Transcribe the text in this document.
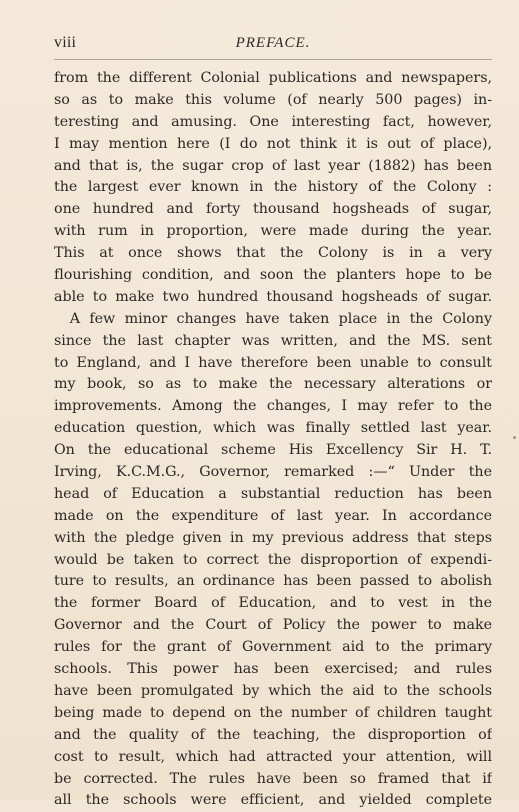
viii	PREFACE.
from the different Colonial publications and newspapers,
so as to make this volume (of nearly 500 pages) in-
teresting and amusing. One interesting fact, however,
I may mention here (I do not think it is out of place),
and that is, the sugar crop of last year (1882) has been
the largest ever known in the history of the Colony :
one hundred and forty thousand hogsheads of sugar,
with rum in proportion, were made during the year.
This at once shows that the Colony is in a very
flourishing condition, and soon the planters hope to be
able to make two hundred thousand hogsheads of sugar.
A few minor changes have taken place in the Colony
since the last chapter was written, and the MS. sent
to England, and I have therefore been unable to consult
my book, so as to make the necessary alterations or
improvements. Among the changes, I may refer to the
education question, which was finally settled last year.
On the educational scheme His Excellency Sir H. T.
Irving, K.C.M.G., Governor, remarked :—“ Under the
head of Education a substantial reduction has been
made on the expenditure of last year. In accordance
with the pledge given in my previous address that steps
would be taken to correct the disproportion of expendi-
ture to results, an ordinance has been passed to abolish
the former Board of Education, and to vest in the
Governor and the Court of Policy the power to make
rules for the grant of Government aid to the primary
schools. This power has been exercised; and rules
have been promulgated by which the aid to the schools
being made to depend on the number of children taught
and the quality of the teaching, the disproportion of
cost to result, which had attracted your attention, will
be corrected. The rules have been so framed that if
all the schools were efficient, and yielded complete
